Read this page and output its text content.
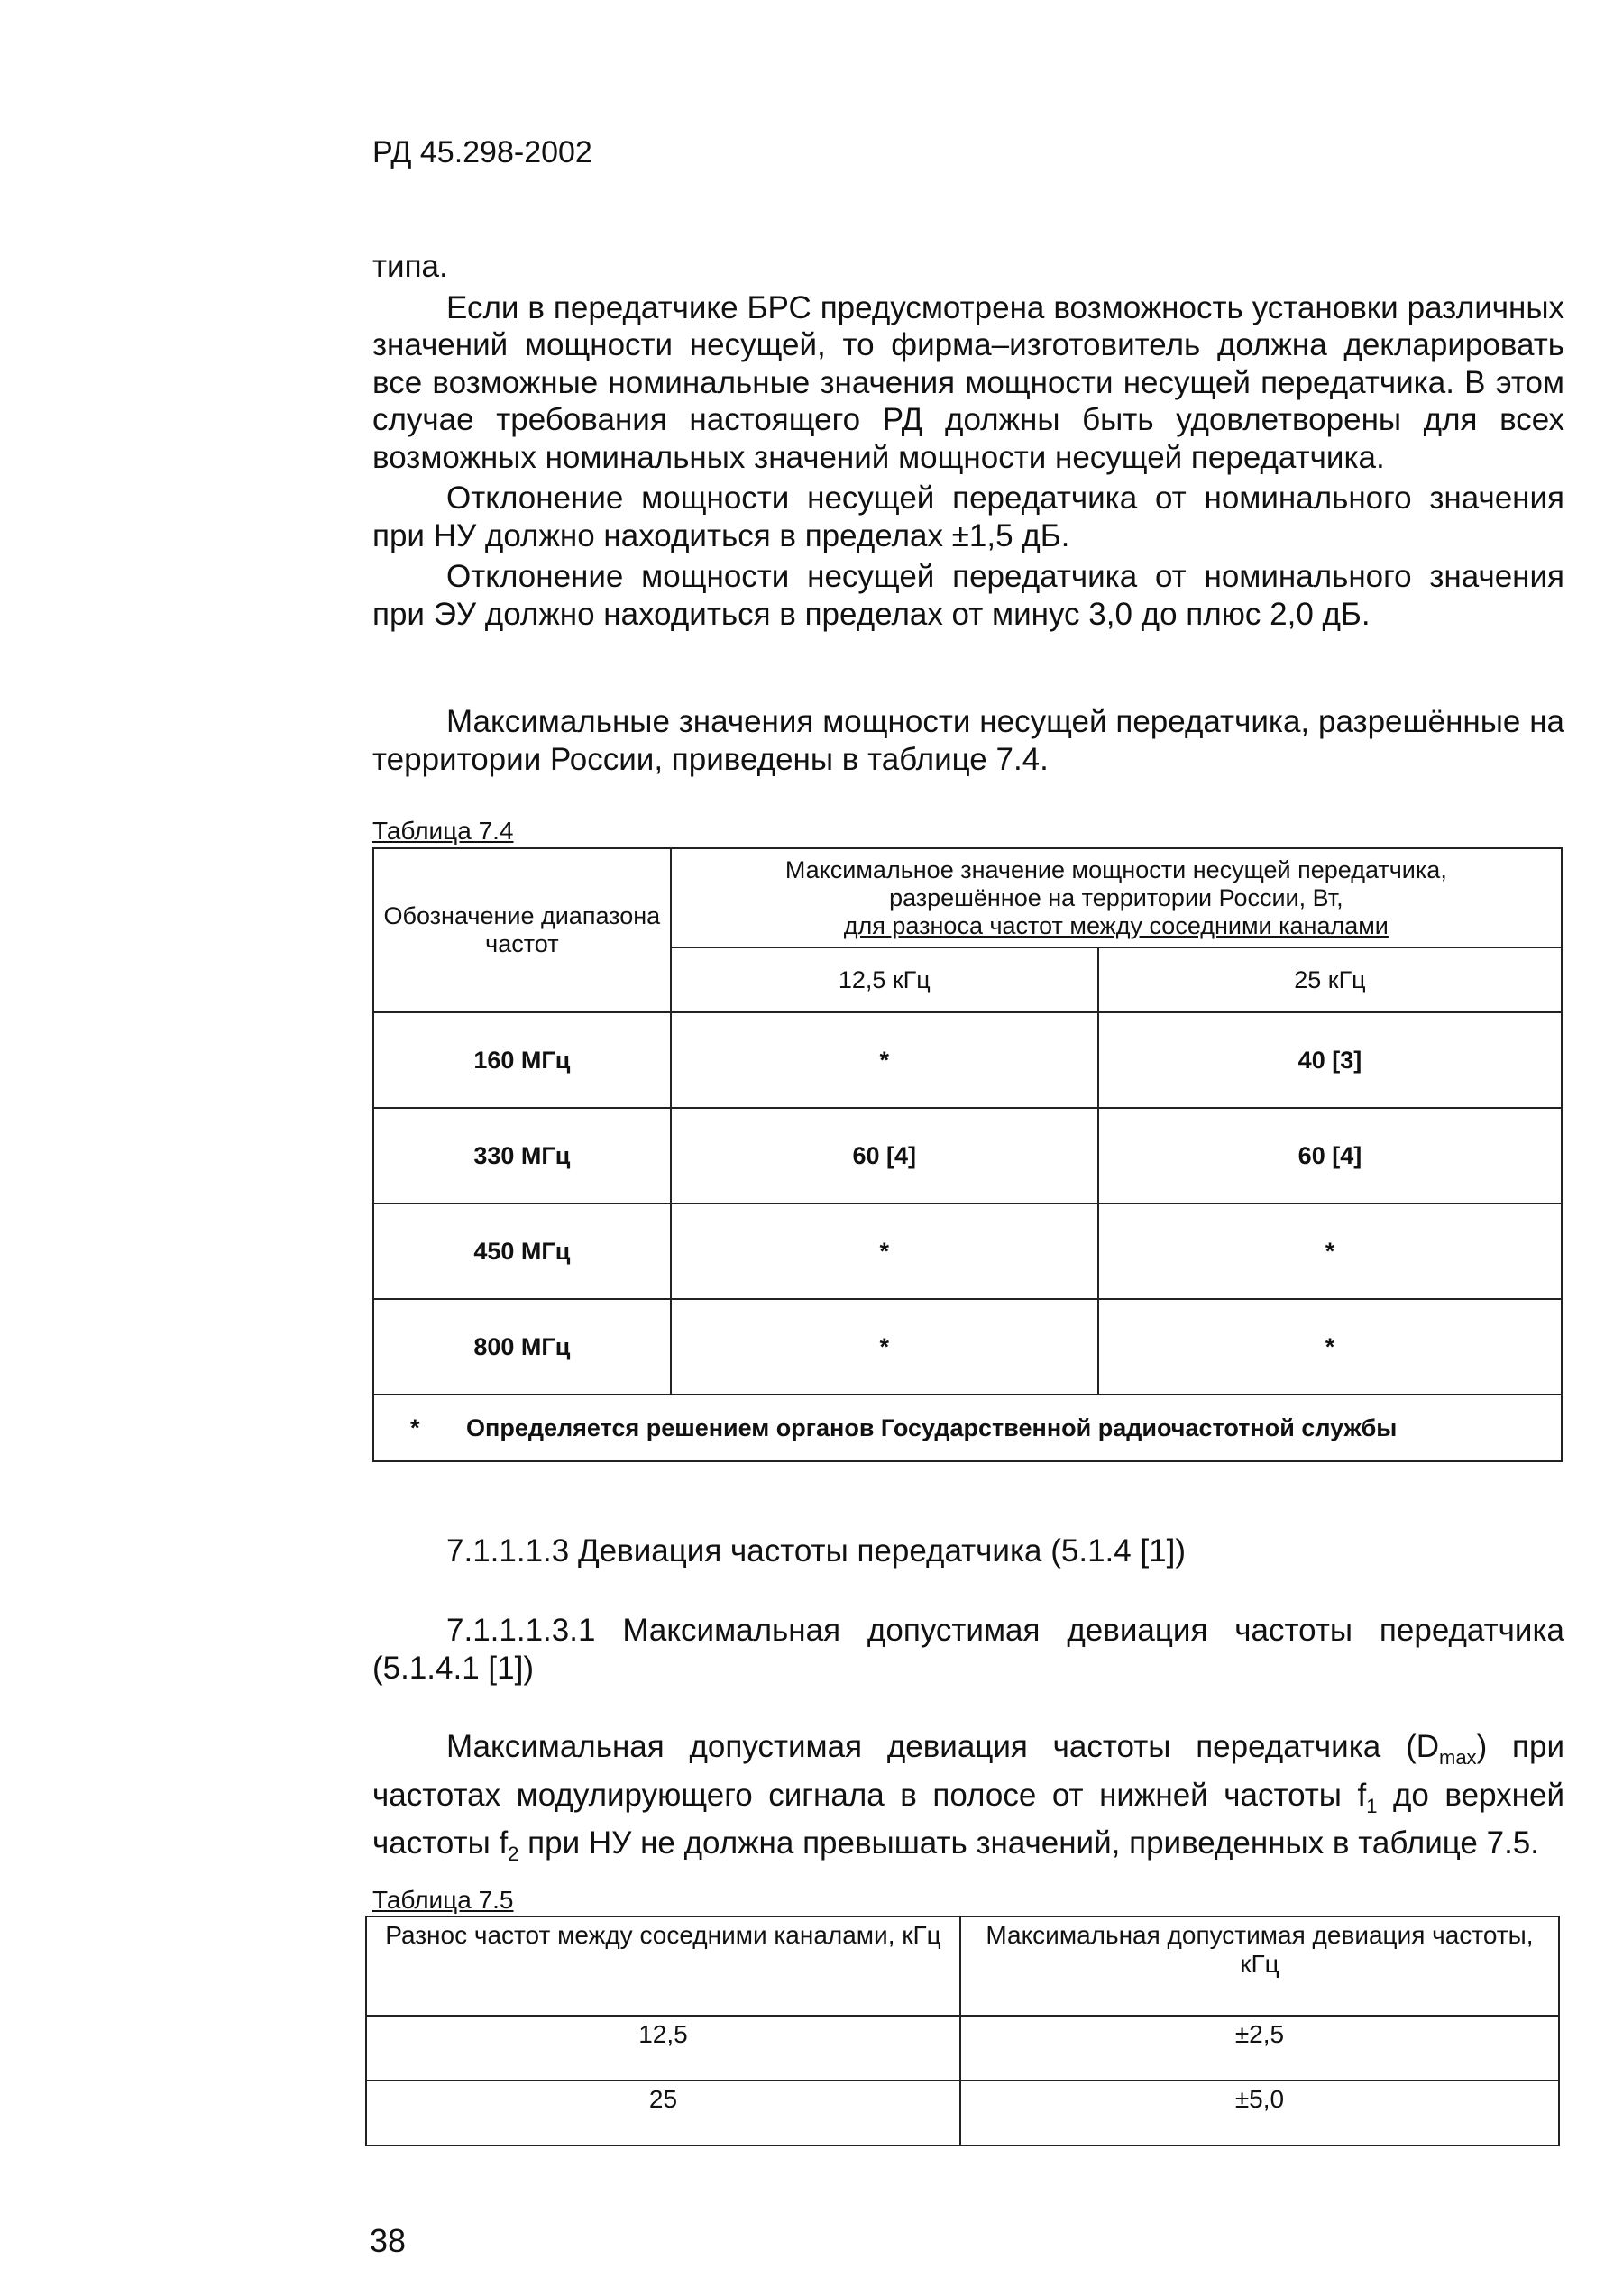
РД 45.298-2002

типа.

Если в передатчике БРС предусмотрена возможность установки различных значений мощности несущей, то фирма–изготовитель должна декларировать все возможные номинальные значения мощности несущей передатчика. В этом случае требования настоящего РД должны быть удовлетворены для всех возможных номинальных значений мощности несущей передатчика.

Отклонение мощности несущей передатчика от номинального значения при НУ должно находиться в пределах ±1,5 дБ.

Отклонение мощности несущей передатчика от номинального значения при ЭУ должно находиться в пределах от минус 3,0 до плюс 2,0 дБ.

Максимальные значения мощности несущей передатчика, разрешённые на территории России, приведены в таблице 7.4.

Таблица 7.4
Обозначение диапазона частот	Максимальное значение мощности несущей передатчика,
разрешённое на территории России, Вт,
для разноса частот между соседними каналами	

	12,5 кГц	25 кГц
160 МГц	*	40 [3]
330 МГц	60 [4]	60 [4]
450 МГц	*	*
800 МГц	*	*
* Определяется решением органов Государственной радиочастотной службы		

7.1.1.1.3 Девиация частоты передатчика (5.1.4 [1])

7.1.1.1.3.1 Максимальная допустимая девиация частоты передатчика (5.1.4.1 [1])

Максимальная допустимая девиация частоты передатчика $(D_{max})$ при частотах модулирующего сигнала в полосе от нижней частоты $f_1$ до верхней частоты $f_2$ при НУ не должна превышать значений, приведенных в таблице 7.5.

Таблица 7.5
Разнос частот между соседними каналами, кГц	Максимальная допустимая девиация частоты, кГц
12,5	±2,5
25	±5,0
38
